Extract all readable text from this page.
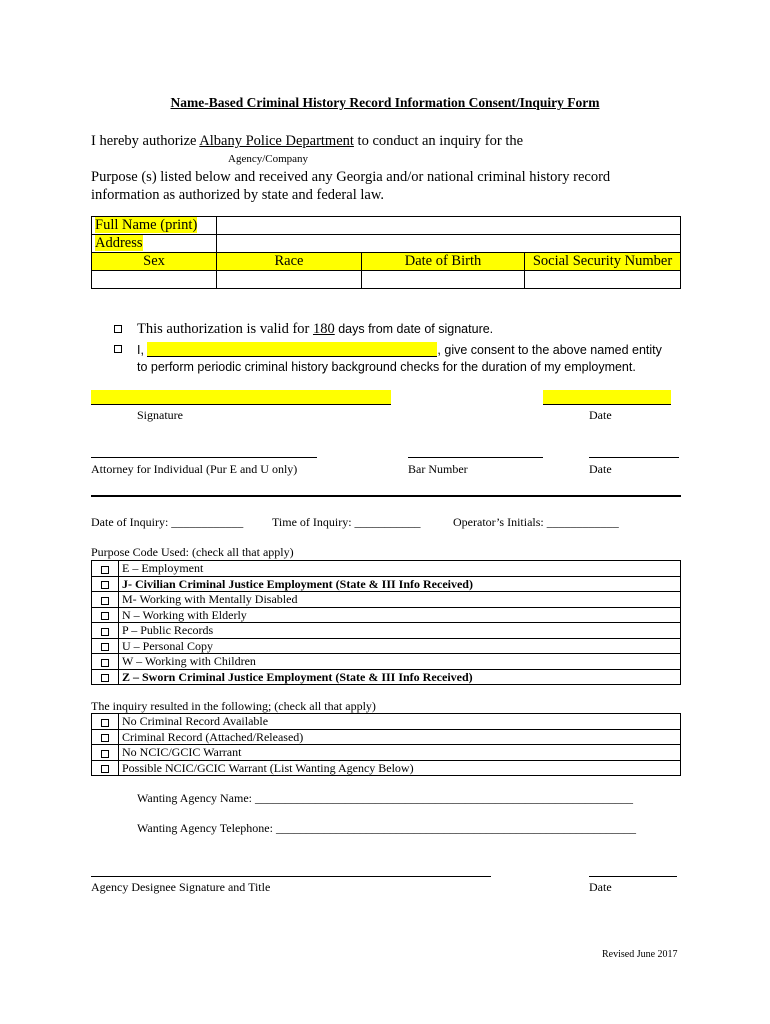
Name-Based Criminal History Record Information Consent/Inquiry Form
I hereby authorize Albany Police Department to conduct an inquiry for the
Agency/Company
Purpose (s) listed below and received any Georgia and/or national criminal history record
information as authorized by state and federal law.
Full Name (print)			
Address			
Sex	Race	Date of Birth	Social Security Number

This authorization is valid for 180 days from date of signature.
I,	, give consent to the above named entity
to perform periodic criminal history background checks for the duration of my employment.
Signature	Date
Attorney for Individual (Pur E and U only)	Bar Number	Date
Date of Inquiry: ____________ Time of Inquiry: ___________	Operator’s Initials: ____________
Purpose Code Used: (check all that apply)
	E – Employment
	J- Civilian Criminal Justice Employment (State & III Info Received)
	M- Working with Mentally Disabled
	N – Working with Elderly
	P – Public Records
	U – Personal Copy
	W – Working with Children
	Z – Sworn Criminal Justice Employment (State & III Info Received)
The inquiry resulted in the following; (check all that apply)
	No Criminal Record Available
	Criminal Record (Attached/Released)
	No NCIC/GCIC Warrant
	Possible NCIC/GCIC Warrant (List Wanting Agency Below)
Wanting Agency Name: _______________________________________________________________
Wanting Agency Telephone: ____________________________________________________________
Agency Designee Signature and Title	Date
Revised June 2017
